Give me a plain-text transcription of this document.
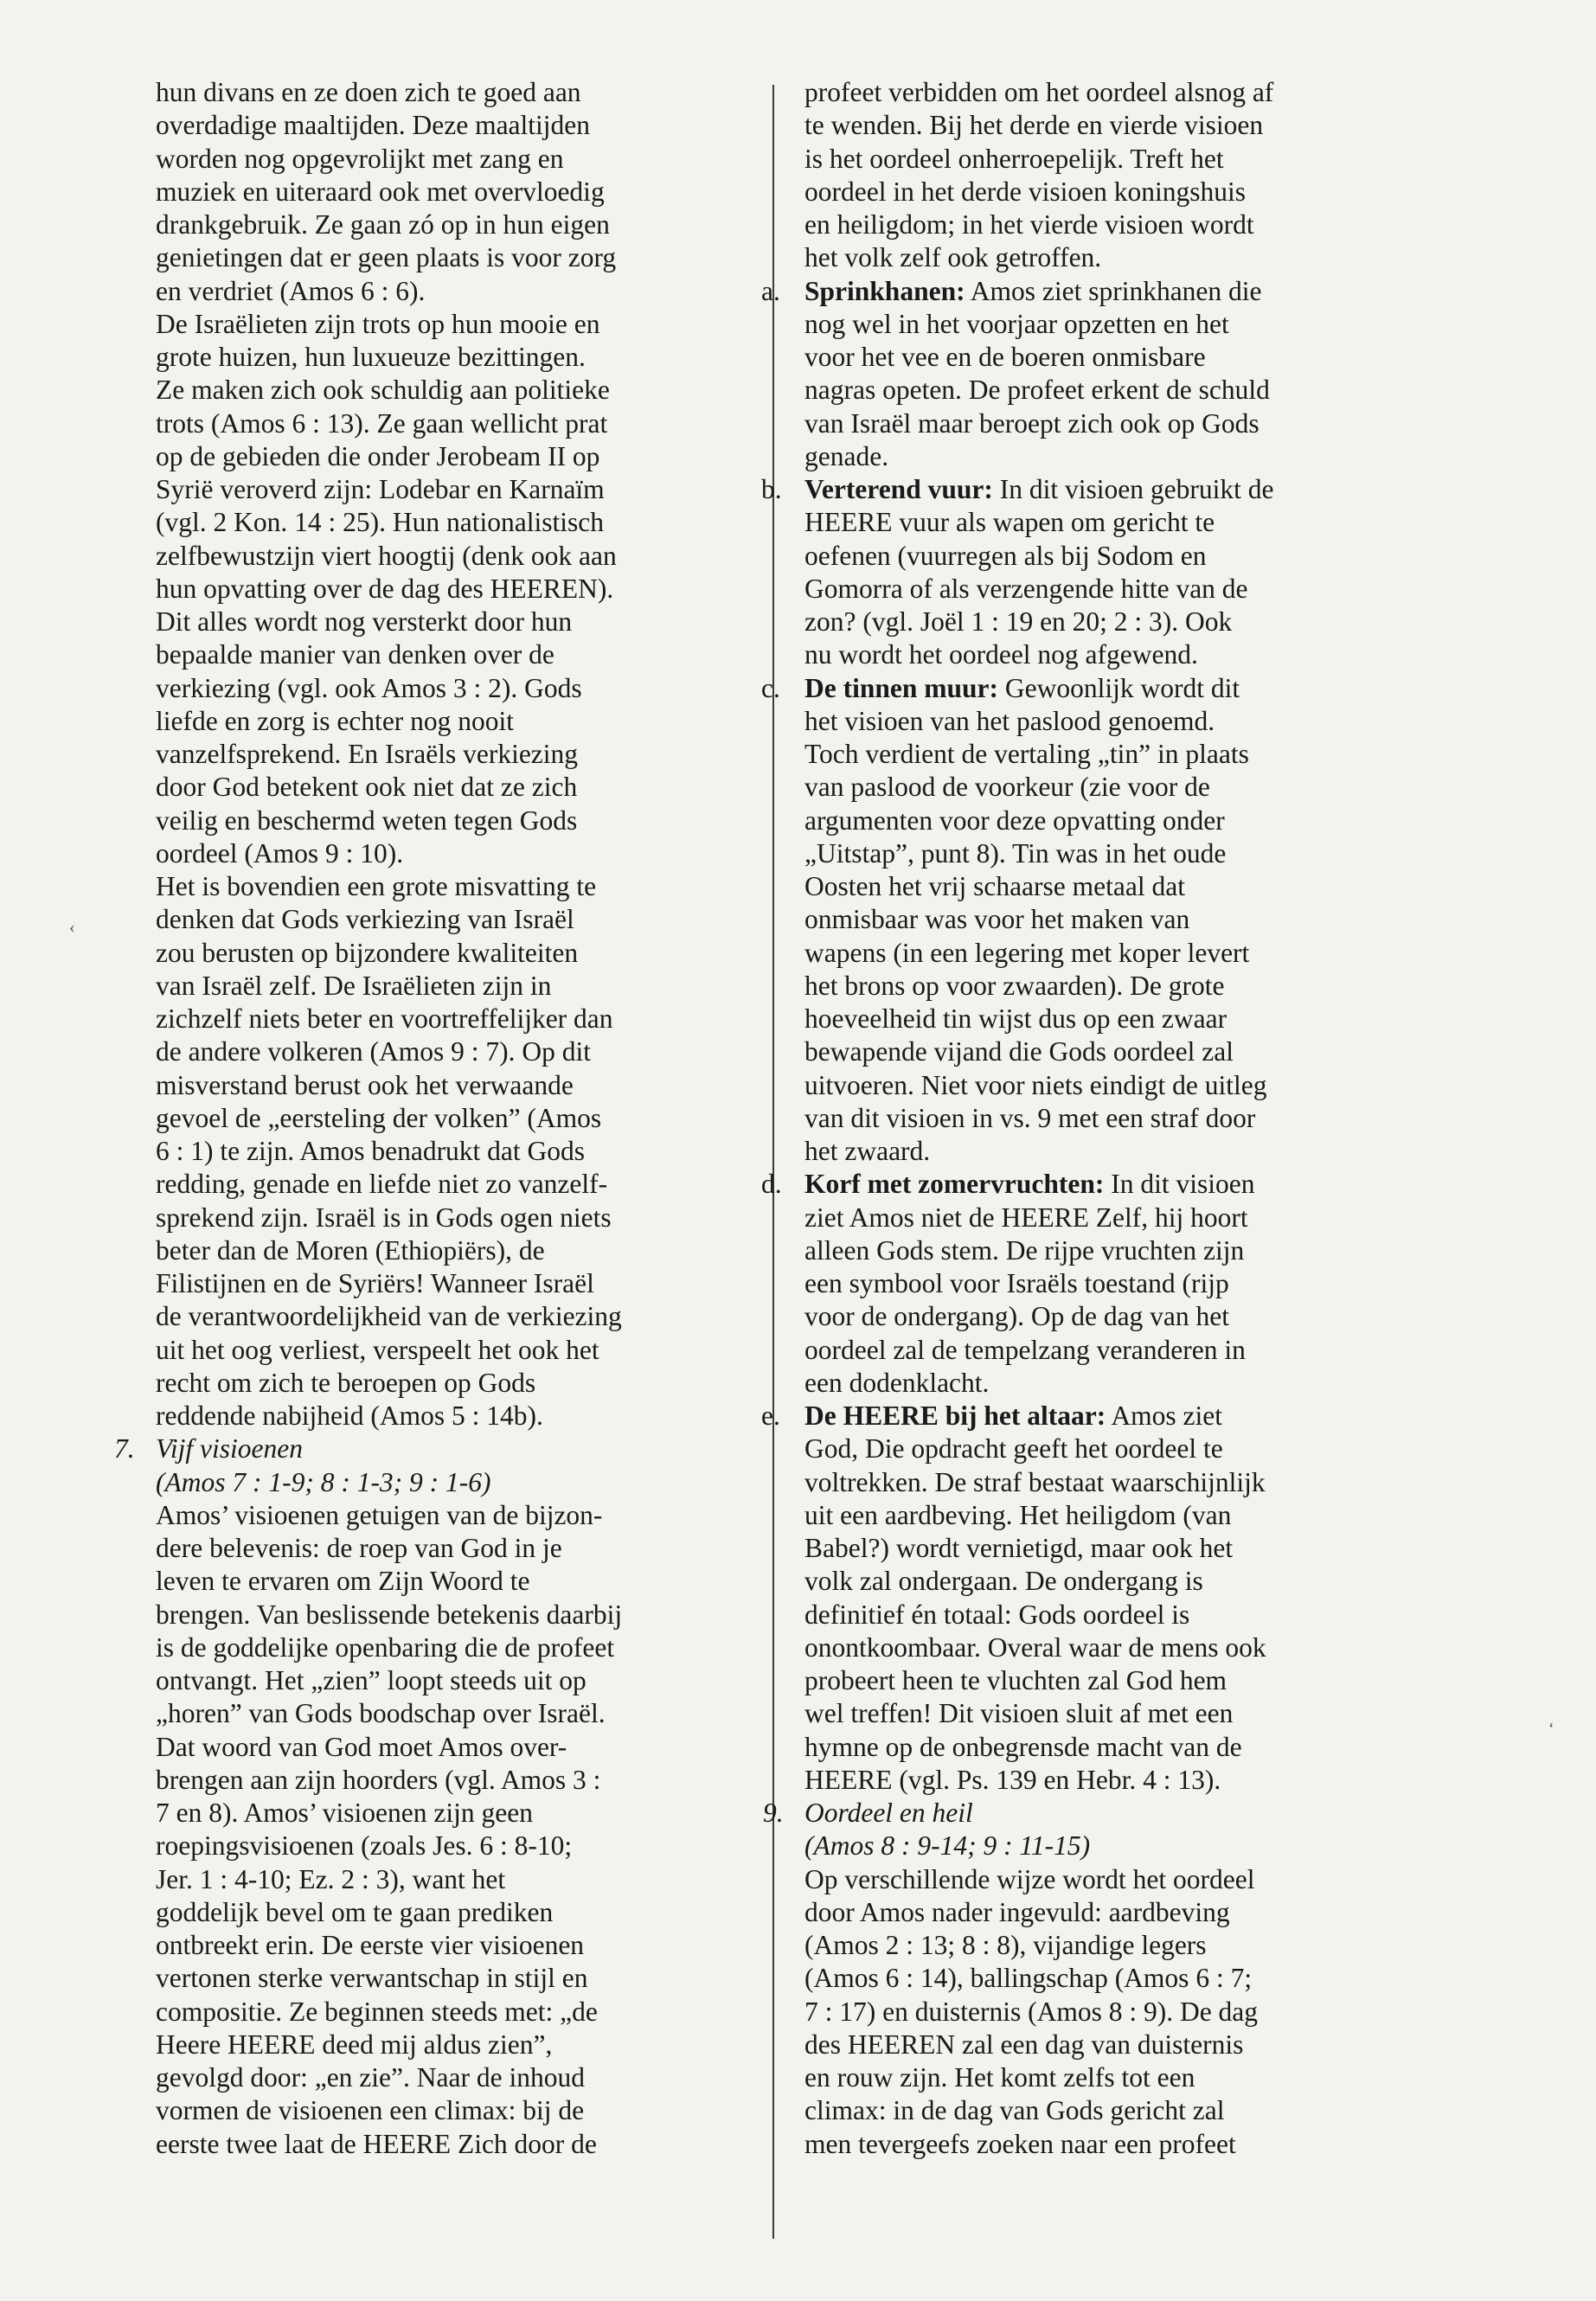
hun divans en ze doen zich te goed aan
overdadige maaltijden. Deze maaltijden
worden nog opgevrolijkt met zang en
muziek en uiteraard ook met overvloedig
drankgebruik. Ze gaan zó op in hun eigen
genietingen dat er geen plaats is voor zorg
en verdriet (Amos 6 : 6).
De Israëlieten zijn trots op hun mooie en
grote huizen, hun luxueuze bezittingen.
Ze maken zich ook schuldig aan politieke
trots (Amos 6 : 13). Ze gaan wellicht prat
op de gebieden die onder Jerobeam II op
Syrië veroverd zijn: Lodebar en Karnaïm
(vgl. 2 Kon. 14 : 25). Hun nationalistisch
zelfbewustzijn viert hoogtij (denk ook aan
hun opvatting over de dag des HEEREN).
Dit alles wordt nog versterkt door hun
bepaalde manier van denken over de
verkiezing (vgl. ook Amos 3 : 2). Gods
liefde en zorg is echter nog nooit
vanzelfsprekend. En Israëls verkiezing
door God betekent ook niet dat ze zich
veilig en beschermd weten tegen Gods
oordeel (Amos 9 : 10).
Het is bovendien een grote misvatting te
denken dat Gods verkiezing van Israël
zou berusten op bijzondere kwaliteiten
van Israël zelf. De Israëlieten zijn in
zichzelf niets beter en voortreffelijker dan
de andere volkeren (Amos 9 : 7). Op dit
misverstand berust ook het verwaande
gevoel de „eersteling der volken” (Amos
6 : 1) te zijn. Amos benadrukt dat Gods
redding, genade en liefde niet zo vanzelf-
sprekend zijn. Israël is in Gods ogen niets
beter dan de Moren (Ethiopiërs), de
Filistijnen en de Syriërs! Wanneer Israël
de verantwoordelijkheid van de verkiezing
uit het oog verliest, verspeelt het ook het
recht om zich te beroepen op Gods
reddende nabijheid (Amos 5 : 14b).
7. Vijf visioenen
(Amos 7 : 1-9; 8 : 1-3; 9 : 1-6)
Amos’ visioenen getuigen van de bijzon-
dere belevenis: de roep van God in je
leven te ervaren om Zijn Woord te
brengen. Van beslissende betekenis daarbij
is de goddelijke openbaring die de profeet
ontvangt. Het „zien” loopt steeds uit op
„horen” van Gods boodschap over Israël.
Dat woord van God moet Amos over-
brengen aan zijn hoorders (vgl. Amos 3 :
7 en 8). Amos’ visioenen zijn geen
roepingsvisioenen (zoals Jes. 6 : 8-10;
Jer. 1 : 4-10; Ez. 2 : 3), want het
goddelijk bevel om te gaan prediken
ontbreekt erin. De eerste vier visioenen
vertonen sterke verwantschap in stijl en
compositie. Ze beginnen steeds met: „de
Heere HEERE deed mij aldus zien”,
gevolgd door: „en zie”. Naar de inhoud
vormen de visioenen een climax: bij de
eerste twee laat de HEERE Zich door de
profeet verbidden om het oordeel alsnog af
te wenden. Bij het derde en vierde visioen
is het oordeel onherroepelijk. Treft het
oordeel in het derde visioen koningshuis
en heiligdom; in het vierde visioen wordt
het volk zelf ook getroffen.
a. Sprinkhanen: Amos ziet sprinkhanen die
nog wel in het voorjaar opzetten en het
voor het vee en de boeren onmisbare
nagras opeten. De profeet erkent de schuld
van Israël maar beroept zich ook op Gods
genade.
b. Verterend vuur: In dit visioen gebruikt de
HEERE vuur als wapen om gericht te
oefenen (vuurregen als bij Sodom en
Gomorra of als verzengende hitte van de
zon? (vgl. Joël 1 : 19 en 20; 2 : 3). Ook
nu wordt het oordeel nog afgewend.
c. De tinnen muur: Gewoonlijk wordt dit
het visioen van het paslood genoemd.
Toch verdient de vertaling „tin” in plaats
van paslood de voorkeur (zie voor de
argumenten voor deze opvatting onder
„Uitstap”, punt 8). Tin was in het oude
Oosten het vrij schaarse metaal dat
onmisbaar was voor het maken van
wapens (in een legering met koper levert
het brons op voor zwaarden). De grote
hoeveelheid tin wijst dus op een zwaar
bewapende vijand die Gods oordeel zal
uitvoeren. Niet voor niets eindigt de uitleg
van dit visioen in vs. 9 met een straf door
het zwaard.
d. Korf met zomervruchten: In dit visioen
ziet Amos niet de HEERE Zelf, hij hoort
alleen Gods stem. De rijpe vruchten zijn
een symbool voor Israëls toestand (rijp
voor de ondergang). Op de dag van het
oordeel zal de tempelzang veranderen in
een dodenklacht.
e. De HEERE bij het altaar: Amos ziet
God, Die opdracht geeft het oordeel te
voltrekken. De straf bestaat waarschijnlijk
uit een aardbeving. Het heiligdom (van
Babel?) wordt vernietigd, maar ook het
volk zal ondergaan. De ondergang is
definitief én totaal: Gods oordeel is
onontkoombaar. Overal waar de mens ook
probeert heen te vluchten zal God hem
wel treffen! Dit visioen sluit af met een
hymne op de onbegrensde macht van de
HEERE (vgl. Ps. 139 en Hebr. 4 : 13).
9. Oordeel en heil
(Amos 8 : 9-14; 9 : 11-15)
Op verschillende wijze wordt het oordeel
door Amos nader ingevuld: aardbeving
(Amos 2 : 13; 8 : 8), vijandige legers
(Amos 6 : 14), ballingschap (Amos 6 : 7;
7 : 17) en duisternis (Amos 8 : 9). De dag
des HEEREN zal een dag van duisternis
en rouw zijn. Het komt zelfs tot een
climax: in de dag van Gods gericht zal
men tevergeefs zoeken naar een profeet
‹
‘
